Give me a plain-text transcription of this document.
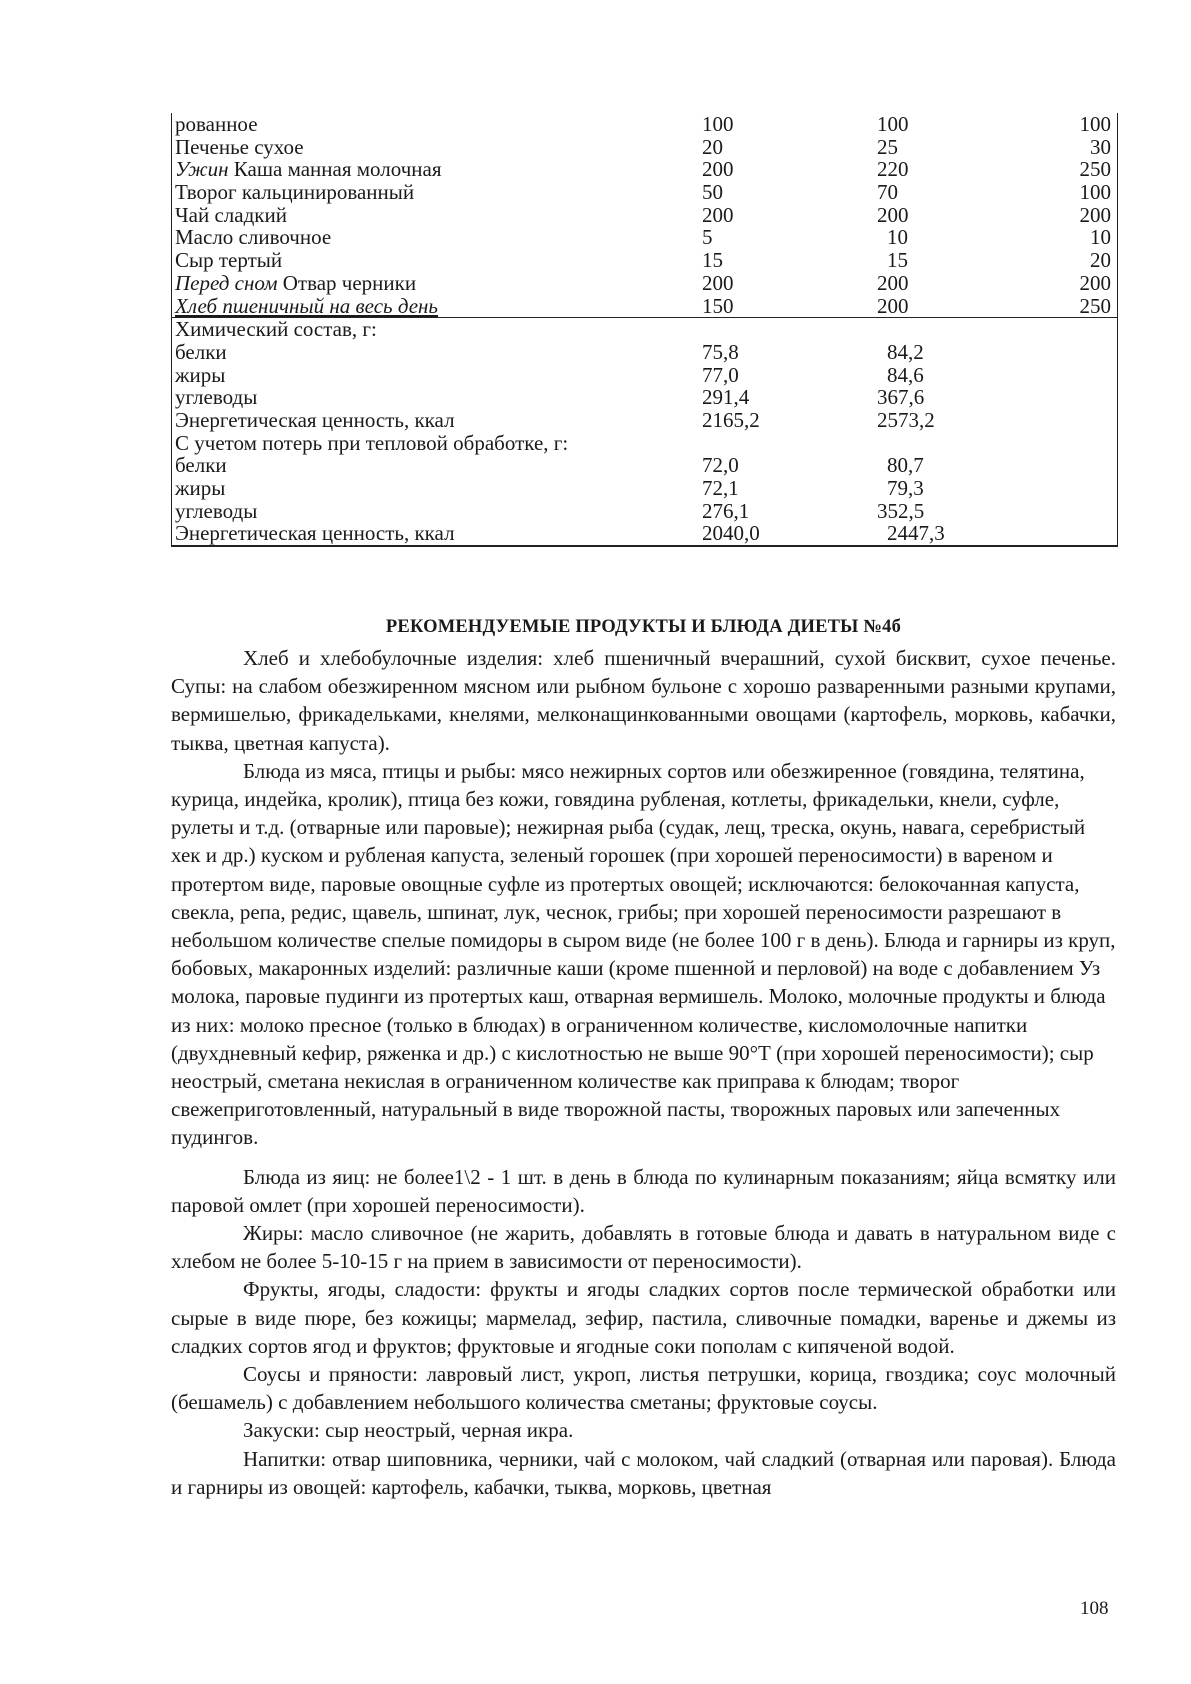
рованное	100	100	100
Печенье сухое	20	25	30
Ужин Каша манная молочная	200	220	250
Творог кальцинированный	50	70	100
Чай сладкий	200	200	200
Масло сливочное	5	10	10
Сыр тертый	15	15	20
Перед сном Отвар черники	200	200	200
Хлеб пшеничный на весь день	150	200	250
Химический состав, г:
белки	75,8	84,2
жиры	77,0	84,6
углеводы	291,4	367,6
Энергетическая ценность, ккал	2165,2	2573,2
С учетом потерь при тепловой обработке, г:
белки	72,0	80,7
жиры	72,1	79,3
углеводы	276,1	352,5
Энергетическая ценность, ккал	2040,0	2447,3
РЕКОМЕНДУЕМЫЕ ПРОДУКТЫ И БЛЮДА ДИЕТЫ №4б

Хлеб и хлебобулочные изделия: хлеб пшеничный вчерашний, сухой бисквит, сухое печенье. Супы: на слабом обезжиренном мясном или рыбном бульоне с хорошо разваренными разными крупами, вермишелью, фрикадельками, кнелями, мелконащинкованными овощами (картофель, морковь, кабачки, тыква, цветная капуста).

Блюда из мяса, птицы и рыбы: мясо нежирных сортов или обезжиренное (говядина, телятина, курица, индейка, кролик), птица без кожи, говядина рубленая, котлеты, фрикадельки, кнели, суфле, рулеты и т.д. (отварные или паровые); нежирная рыба (судак, лещ, треска, окунь, навага, серебристый хек и др.) куском и рубленая капуста, зеленый горошек (при хорошей переносимости) в вареном и протертом виде, паровые овощные суфле из протертых овощей; исключаются: белокочанная капуста, свекла, репа, редис, щавель, шпинат, лук, чеснок, грибы; при хорошей переносимости разрешают в небольшом количестве спелые помидоры в сыром виде (не более 100 г в день). Блюда и гарниры из круп, бобовых, макаронных изделий: различные каши (кроме пшенной и перловой) на воде с добавлением Уз молока, паровые пудинги из протертых каш, отварная вермишель. Молоко, молочные продукты и блюда из них: молоко пресное (только в блюдах) в ограниченном количестве, кисломолочные напитки (двухдневный кефир, ряженка и др.) с кислотностью не выше 90°Т (при хорошей переносимости); сыр неострый, сметана некислая в ограниченном количестве как приправа к блюдам; творог свежеприготовленный, натуральный в виде творожной пасты, творожных паровых или запеченных пудингов.

Блюда из яиц: не более1\2 - 1 шт. в день в блюда по кулинарным показаниям; яйца всмятку или паровой омлет (при хорошей переносимости).

Жиры: масло сливочное (не жарить, добавлять в готовые блюда и давать в натуральном виде с хлебом не более 5-10-15 г на прием в зависимости от переносимости).

Фрукты, ягоды, сладости: фрукты и ягоды сладких сортов после термической обработки или сырые в виде пюре, без кожицы; мармелад, зефир, пастила, сливочные помадки, варенье и джемы из сладких сортов ягод и фруктов; фруктовые и ягодные соки пополам с кипяченой водой.

Соусы и пряности: лавровый лист, укроп, листья петрушки, корица, гвоздика; соус молочный (бешамель) с добавлением небольшого количества сметаны; фруктовые соусы.

Закуски: сыр неострый, черная икра.

Напитки: отвар шиповника, черники, чай с молоком, чай сладкий (отварная или паровая). Блюда и гарниры из овощей: картофель, кабачки, тыква, морковь, цветная

108
